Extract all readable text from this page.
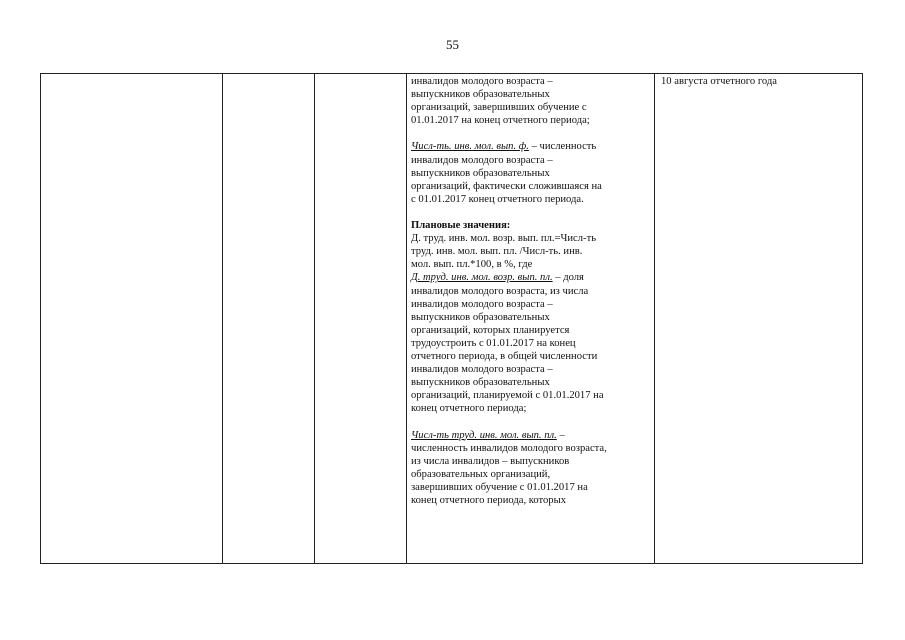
55
инвалидов молодого возраста –
выпускников образовательных
организаций, завершивших обучение с
01.01.2017 на конец отчетного периода;
Числ-ть. инв. мол. вып. ф. – численность
инвалидов молодого возраста –
выпускников образовательных
организаций, фактически сложившаяся на
с 01.01.2017 конец отчетного периода.
Плановые значения:
Д. труд. инв. мол. возр. вып. пл.=Числ-ть
труд. инв. мол. вып. пл. /Числ-ть. инв.
мол. вып. пл.*100, в %, где
Д. труд. инв. мол. возр. вып. пл. – доля
инвалидов молодого возраста, из числа
инвалидов молодого возраста –
выпускников образовательных
организаций, которых планируется
трудоустроить с 01.01.2017 на конец
отчетного периода, в общей численности
инвалидов молодого возраста –
выпускников образовательных
организаций, планируемой с 01.01.2017 на
конец отчетного периода;
Числ-ть труд. инв. мол. вып. пл. –
численность инвалидов молодого возраста,
из числа инвалидов – выпускников
образовательных организаций,
завершивших обучение с 01.01.2017 на
конец отчетного периода, которых
10 августа отчетного года
